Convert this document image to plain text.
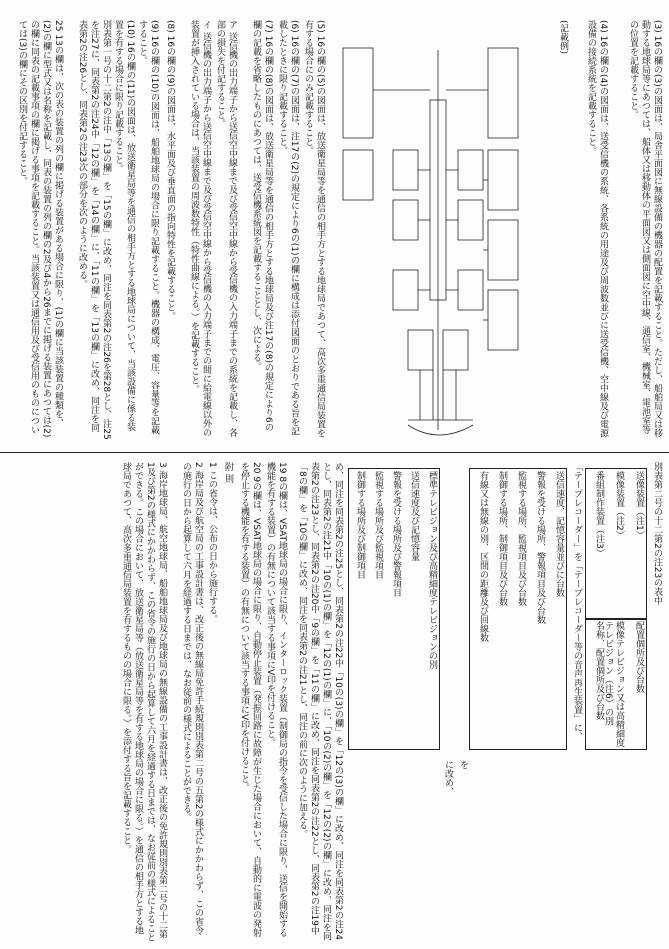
(3) 16の欄の(3)の図面は、局舎平面図に無線設備の機器の配置を記載すること。ただし、船舶局又は移動する地球局等にあつては、船体又は移動体の平面図又は側面図に空中線、通信室、機械室、電池室等の位置を記載すること。
(4) 16の欄の(4)の図面は、送受信機の系統、各系統の用途及び周波数並びに送受信機、空中線及び電源設備の接続系統を記載すること。
(記載例)
(5) 16の欄の(5)の図面は、放送衛星局等を通信の相手方とする地球局であつて、高次多重通信局装置を有する場合にのみ記載すること。
(6) 16の欄の(7)の図面は、注17の(2)の規定により6の(1)の欄に構成は添付図面のとおりである旨を記載したときに限り記載すること。
(7) 16の欄の(8)の図面は、放送衛星局等を通信の相手方とする地球局及び注17の(8)の規定により6の欄の記載を省略したものにあつては、送受信機系統図を記載することとし、次による。
ア 送信機の出力端子から送信空中線まで及び受信空中線から受信機の入力端子までの系統を記載し、各部の損失を付記すること。
イ 送信機の出力端子から送信空中線まで及び受信空中線から受信機の入力端子までの間に給電線以外の装置が挿入されている場合は、当該装置の周波数特性（特性曲線による。）を記載すること。
(8) 16の欄の(9)の図面は、水平面及び垂直面の指向特性を記載すること。
(9) 16の欄の(10)の図面は、船舶地球局の場合に限り記載すること。機器の構成、電圧、容量等を記載すること。
(10) 16の欄の(11)の図面は、放送衛星局等を通信の相手方とする地球局について、当該設備に係る装置を有する場合に限り記載すること。
別表第一号の十二第2の注中「13の欄」を「15の欄」に改め、同注を同表第2の注26を第28とし、注25を注27に、同表第2の注24中「12の欄」を「14の欄」に、「11の欄」を「13の欄」に改め、同注を同表第2の注26とし、同表第2の注23次の部分を次のように改める。
25 13の欄は、次の表の装置の列の欄に掲げる装置がある場合に限り、(1)の欄に当該装置の種類を、(2)の欄に型式又は名称を記載し、同表の装置の列の欄の2及び4から26までに掲げる装置にあつては(2)の欄に同表の記載事項の欄に掲げる事項を記載すること。当該装置又は通信用及び受信用のものについては(3)の欄にその区別を付記すること。
別表第二号の十二第2の注23の表中
送像装置（注1）
模像装置（注2）
番組制作装置（注3）
配置個所及び台数
模像テレビジョン又は高精細度テレビジョン（注6）の別
名称、配置個所及び台数
「テープレコーダー」を「テープレコーダー等の音声再生装置」に、
送信速度、記憶容量並びに台数
警報を受ける場所、警報項目及び台数
監視する場所、監視項目及び台数
制御する場所、制御項目及び台数
有線又は無線の別、区間の距離及び回線数
を
め、同注を同表第2の注25とし、同表第2の注22中「10の(3)の欄」を「12の(3)の欄」に改め、同注を同表第2の注24とし、同表第2の注21中「10の(1)の欄」を「12の(1)の欄」に、「10の(2)の欄」を「12の(2)の欄」に改め、同注を同表第2の注23とし、同表第2の注20中「9の欄」を「11の欄」に改め、同注を同表第2の注22とし、同表第2の注19中「8の欄」を「10の欄」に改め、同注を同表第2の注21とし、同注の前に次のように加える。
19 8の欄は、VSAT地球局の場合に限り、インターロック装置（制御局の指令を受信した場合に限り、送信を開始する機能を有する装置）の有無について該当する事項にV印を付けること。
20 9の欄は、VSAT地球局の場合に限り、自動停止装置（発振回路に故障が生じた場合において、自動的に電波の発射を停止する機能を有する装置）の有無について該当する事項にV印を付けること。
附 則
1 この省令は、公布の日から施行する。
2 海岸局及び航空局の工事設計書は、改正後の無線局免許手続規則別表第二号の五第2の様式にかかわらず、この省令の施行の日から起算して六月を経過する日までは、なお従前の様式によることができる。
3 海岸地球局、航空地球局、船舶地球局及び地球局の無線設備の工事設計書は、改正後の免許規則別表第二号の十二第1及び第2の様式にかかわらず、この省令の施行の日から起算して六月を経過する日までは、なお従前の様式によることができる。この場合において、放送衛星局等（放送衛星局等を有する地球局の場合に限る。）を通信の相手方とする地球局であつて、高次多重通信局装置を有するものの場合に限る。）を添付する旨を記載すること。	標準テレビジョン及び高精細度テレビジョンの別
送信速度及び記憶容量
警報を受ける場所及び警報項目
監視する場所及び監視項目
制御する場所及び制御項目
に改め、
